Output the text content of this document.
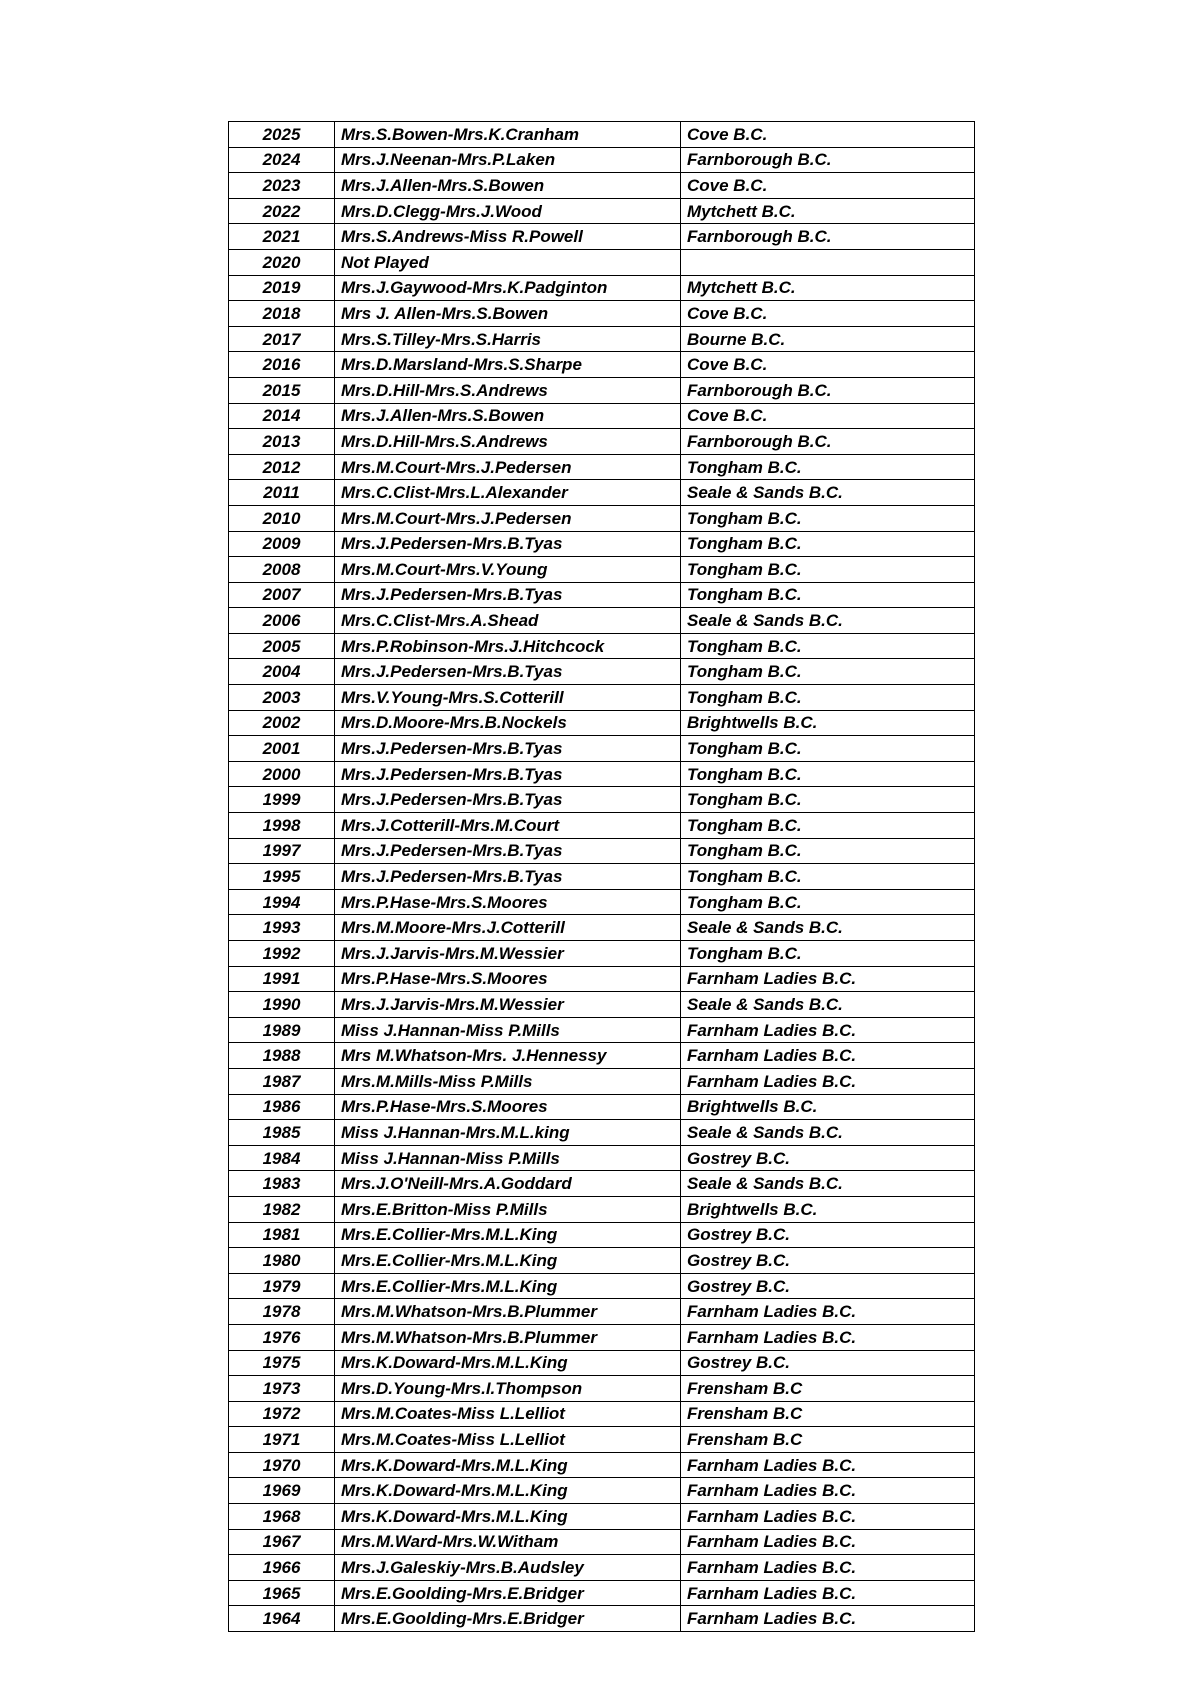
2025	Mrs.S.Bowen-Mrs.K.Cranham	Cove B.C.
2024	Mrs.J.Neenan-Mrs.P.Laken	Farnborough B.C.
2023	Mrs.J.Allen-Mrs.S.Bowen	Cove B.C.
2022	Mrs.D.Clegg-Mrs.J.Wood	Mytchett B.C.
2021	Mrs.S.Andrews-Miss R.Powell	Farnborough B.C.
2020	Not Played	
2019	Mrs.J.Gaywood-Mrs.K.Padginton	Mytchett B.C.
2018	Mrs J. Allen-Mrs.S.Bowen	Cove B.C.
2017	Mrs.S.Tilley-Mrs.S.Harris	Bourne B.C.
2016	Mrs.D.Marsland-Mrs.S.Sharpe	Cove B.C.
2015	Mrs.D.Hill-Mrs.S.Andrews	Farnborough B.C.
2014	Mrs.J.Allen-Mrs.S.Bowen	Cove B.C.
2013	Mrs.D.Hill-Mrs.S.Andrews	Farnborough B.C.
2012	Mrs.M.Court-Mrs.J.Pedersen	Tongham B.C.
2011	Mrs.C.Clist-Mrs.L.Alexander	Seale & Sands B.C.
2010	Mrs.M.Court-Mrs.J.Pedersen	Tongham B.C.
2009	Mrs.J.Pedersen-Mrs.B.Tyas	Tongham B.C.
2008	Mrs.M.Court-Mrs.V.Young	Tongham B.C.
2007	Mrs.J.Pedersen-Mrs.B.Tyas	Tongham B.C.
2006	Mrs.C.Clist-Mrs.A.Shead	Seale & Sands B.C.
2005	Mrs.P.Robinson-Mrs.J.Hitchcock	Tongham B.C.
2004	Mrs.J.Pedersen-Mrs.B.Tyas	Tongham B.C.
2003	Mrs.V.Young-Mrs.S.Cotterill	Tongham B.C.
2002	Mrs.D.Moore-Mrs.B.Nockels	Brightwells B.C.
2001	Mrs.J.Pedersen-Mrs.B.Tyas	Tongham B.C.
2000	Mrs.J.Pedersen-Mrs.B.Tyas	Tongham B.C.
1999	Mrs.J.Pedersen-Mrs.B.Tyas	Tongham B.C.
1998	Mrs.J.Cotterill-Mrs.M.Court	Tongham B.C.
1997	Mrs.J.Pedersen-Mrs.B.Tyas	Tongham B.C.
1995	Mrs.J.Pedersen-Mrs.B.Tyas	Tongham B.C.
1994	Mrs.P.Hase-Mrs.S.Moores	Tongham B.C.
1993	Mrs.M.Moore-Mrs.J.Cotterill	Seale & Sands B.C.
1992	Mrs.J.Jarvis-Mrs.M.Wessier	Tongham B.C.
1991	Mrs.P.Hase-Mrs.S.Moores	Farnham Ladies B.C.
1990	Mrs.J.Jarvis-Mrs.M.Wessier	Seale & Sands B.C.
1989	Miss J.Hannan-Miss P.Mills	Farnham Ladies B.C.
1988	Mrs M.Whatson-Mrs. J.Hennessy	Farnham Ladies B.C.
1987	Mrs.M.Mills-Miss P.Mills	Farnham Ladies B.C.
1986	Mrs.P.Hase-Mrs.S.Moores	Brightwells B.C.
1985	Miss J.Hannan-Mrs.M.L.king	Seale & Sands B.C.
1984	Miss J.Hannan-Miss P.Mills	Gostrey B.C.
1983	Mrs.J.O'Neill-Mrs.A.Goddard	Seale & Sands B.C.
1982	Mrs.E.Britton-Miss P.Mills	Brightwells B.C.
1981	Mrs.E.Collier-Mrs.M.L.King	Gostrey B.C.
1980	Mrs.E.Collier-Mrs.M.L.King	Gostrey B.C.
1979	Mrs.E.Collier-Mrs.M.L.King	Gostrey B.C.
1978	Mrs.M.Whatson-Mrs.B.Plummer	Farnham Ladies B.C.
1976	Mrs.M.Whatson-Mrs.B.Plummer	Farnham Ladies B.C.
1975	Mrs.K.Doward-Mrs.M.L.King	Gostrey B.C.
1973	Mrs.D.Young-Mrs.I.Thompson	Frensham B.C
1972	Mrs.M.Coates-Miss L.Lelliot	Frensham B.C
1971	Mrs.M.Coates-Miss L.Lelliot	Frensham B.C
1970	Mrs.K.Doward-Mrs.M.L.King	Farnham Ladies B.C.
1969	Mrs.K.Doward-Mrs.M.L.King	Farnham Ladies B.C.
1968	Mrs.K.Doward-Mrs.M.L.King	Farnham Ladies B.C.
1967	Mrs.M.Ward-Mrs.W.Witham	Farnham Ladies B.C.
1966	Mrs.J.Galeskiy-Mrs.B.Audsley	Farnham Ladies B.C.
1965	Mrs.E.Goolding-Mrs.E.Bridger	Farnham Ladies B.C.
1964	Mrs.E.Goolding-Mrs.E.Bridger	Farnham Ladies B.C.
